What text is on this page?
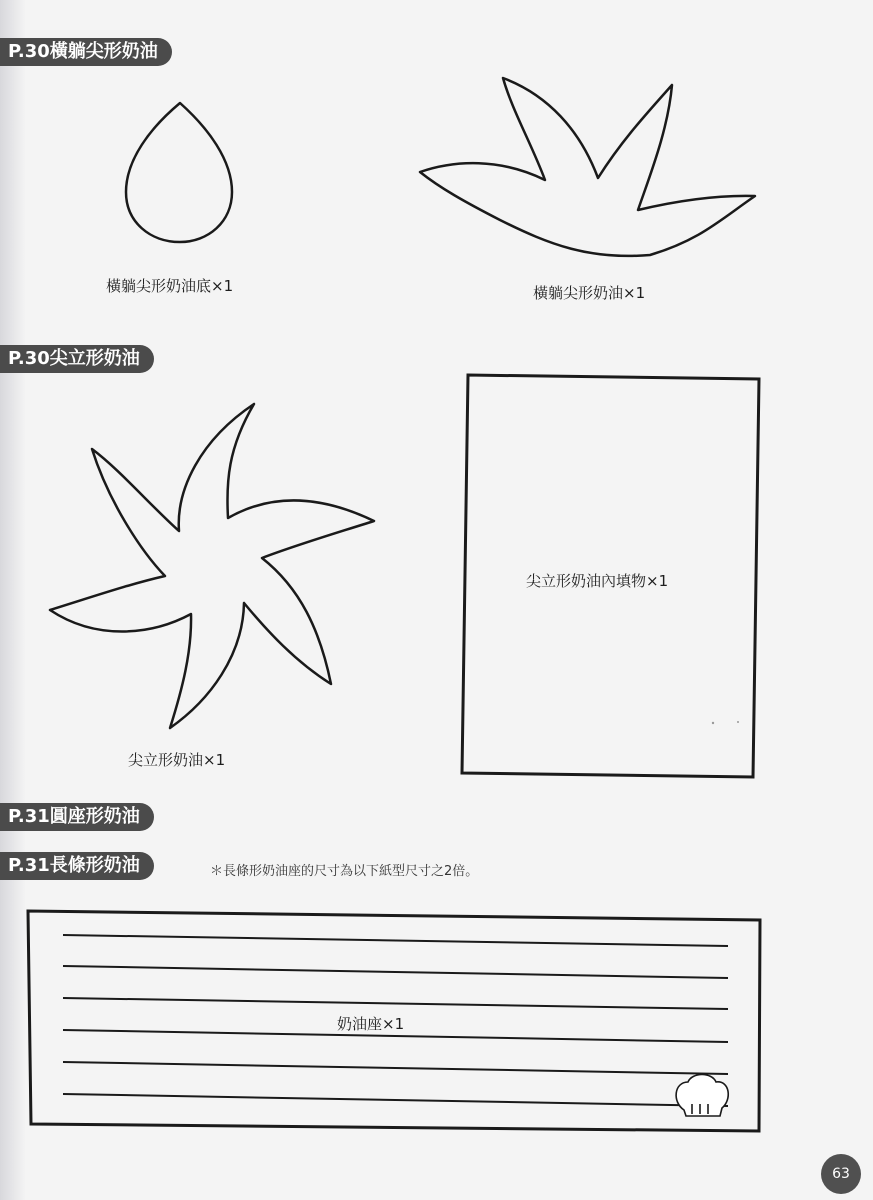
P.30橫躺尖形奶油
P.30尖立形奶油
P.31圓座形奶油
P.31長條形奶油
橫躺尖形奶油底×1	橫躺尖形奶油×1
尖立形奶油×1
尖立形奶油內填物×1
奶油座×1
＊長條形奶油座的尺寸為以下紙型尺寸之2倍。
63
